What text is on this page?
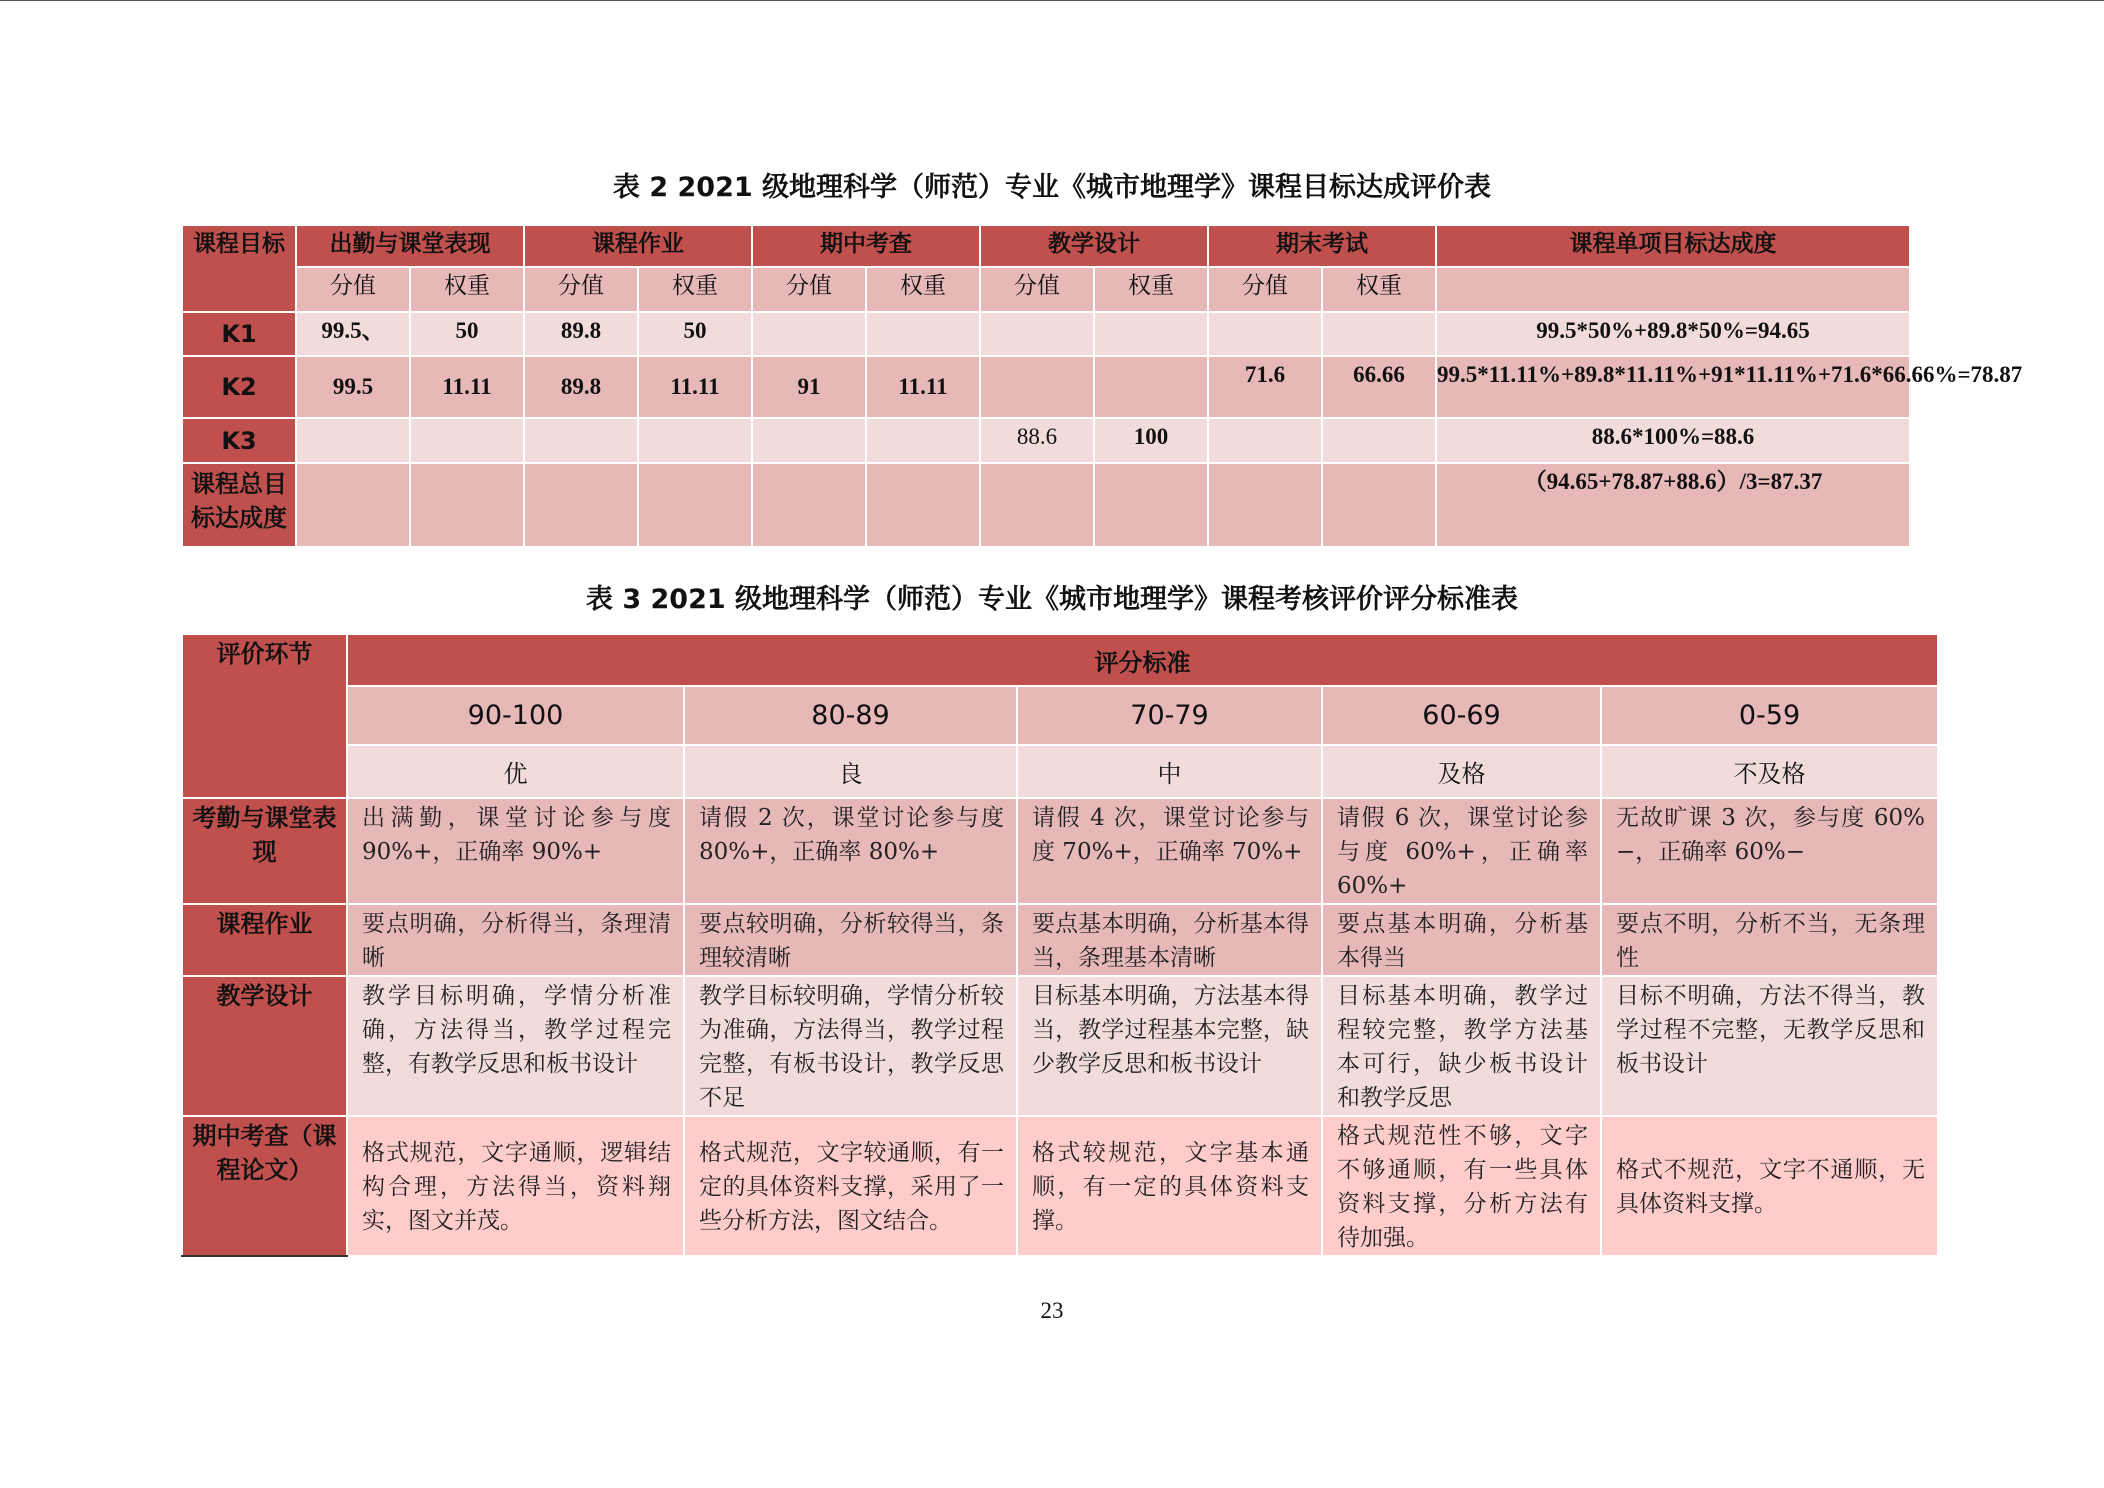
表 2 2021 级地理科学（师范）专业《城市地理学》课程目标达成评价表
课程目标	出勤与课堂表现		课程作业		期中考查		教学设计		期末考试		课程单项目标达成度
	分值	权重	分值	权重	分值	权重	分值	权重	分值	权重	
K1	99.5、	50	89.8	50							99.5*50%+89.8*50%=94.65
K2	99.5	11.11	89.8	11.11	91	11.11			71.6	66.66	99.5*11.11%+89.8*11.11%+91*11.11%+71.6*66.66%=78.87
K3							88.6	100			88.6*100%=88.6
课程总目标达成度											（94.65+78.87+88.6）/3=87.37
表 3 2021 级地理科学（师范）专业《城市地理学》课程考核评价评分标准表
评价环节	评分标准				
	90-100	80-89	70-79	60-69	0-59
	优	良	中	及格	不及格
考勤与课堂表现	出满勤，课堂讨论参与度90%+，正确率 90%+	请假 2 次，课堂讨论参与度 80%+，正确率 80%+	请假 4 次，课堂讨论参与度 70%+，正确率 70%+	请假 6 次，课堂讨论参与度 60%+，正确率 60%+	无故旷课 3 次，参与度 60%−，正确率 60%−
课程作业	要点明确，分析得当，条理清晰	要点较明确，分析较得当，条理较清晰	要点基本明确，分析基本得当，条理基本清晰	要点基本明确，分析基本得当	要点不明，分析不当，无条理性
教学设计	教学目标明确，学情分析准确，方法得当，教学过程完整，有教学反思和板书设计	教学目标较明确，学情分析较为准确，方法得当，教学过程完整，有板书设计，教学反思不足	目标基本明确，方法基本得当，教学过程基本完整，缺少教学反思和板书设计	目标基本明确，教学过程较完整，教学方法基本可行，缺少板书设计和教学反思	目标不明确，方法不得当，教学过程不完整，无教学反思和板书设计
期中考查（课程论文）	格式规范，文字通顺，逻辑结构合理，方法得当，资料翔实，图文并茂。	格式规范，文字较通顺，有一定的具体资料支撑，采用了一些分析方法，图文结合。	格式较规范，文字基本通顺，有一定的具体资料支撑。	格式规范性不够，文字不够通顺，有一些具体资料支撑，分析方法有待加强。	格式不规范，文字不通顺，无具体资料支撑。
23
